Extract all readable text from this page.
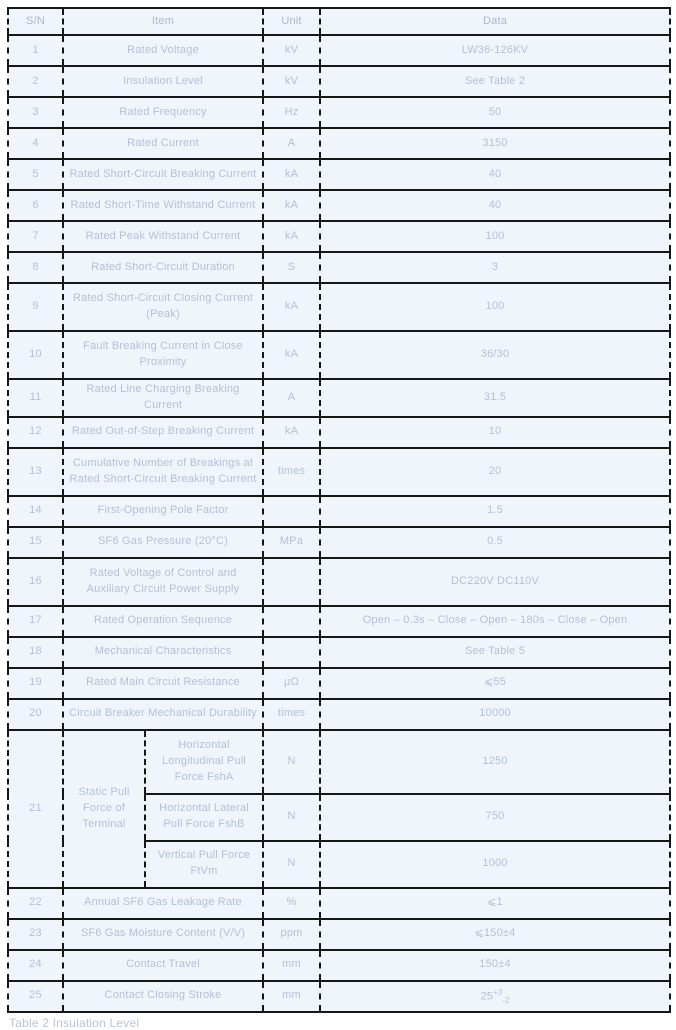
S/N	Item		Unit	Data
1	Rated Voltage		kV	LW36-126KV
2	Insulation Level		kV	See Table 2
3	Rated Frequency		Hz	50
4	Rated Current		A	3150
5	Rated Short-Circuit Breaking Current		kA	40
6	Rated Short-Time Withstand Current		kA	40
7	Rated Peak Withstand Current		kA	100
8	Rated Short-Circuit Duration		S	3
9	Rated Short-Circuit Closing Current (Peak)		kA	100
10	Fault Breaking Current in Close Proximity		kA	36/30
11	Rated Line Charging Breaking Current		A	31.5
12	Rated Out-of-Step Breaking Current		kA	10
13	Cumulative Number of Breakings at Rated Short-Circuit Breaking Current		times	20
14	First-Opening Pole Factor			1.5
15	SF6 Gas Pressure (20°C)		MPa	0.5
16	Rated Voltage of Control and Auxiliary Circuit Power Supply			DC220V DC110V
17	Rated Operation Sequence			Open – 0.3s – Close – Open – 180s – Close – Open
18	Mechanical Characteristics			See Table 5
19	Rated Main Circuit Resistance		μΩ	⩽55
20	Circuit Breaker Mechanical Durability		times	10000
21	Static Pull Force of Terminal	Horizontal Longitudinal Pull Force FshA	N	1250
		Horizontal Lateral Pull Force FshB	N	750
		Vertical Pull Force FtVm	N	1000
22	Annual SF6 Gas Leakage Rate		%	⩽1
23	SF6 Gas Moisture Content (V/V)		ppm	⩽150±4
24	Contact Travel		mm	150±4
25	Contact Closing Stroke		mm	$25^{+3}_{-2}$
Table 2 Insulation Level
